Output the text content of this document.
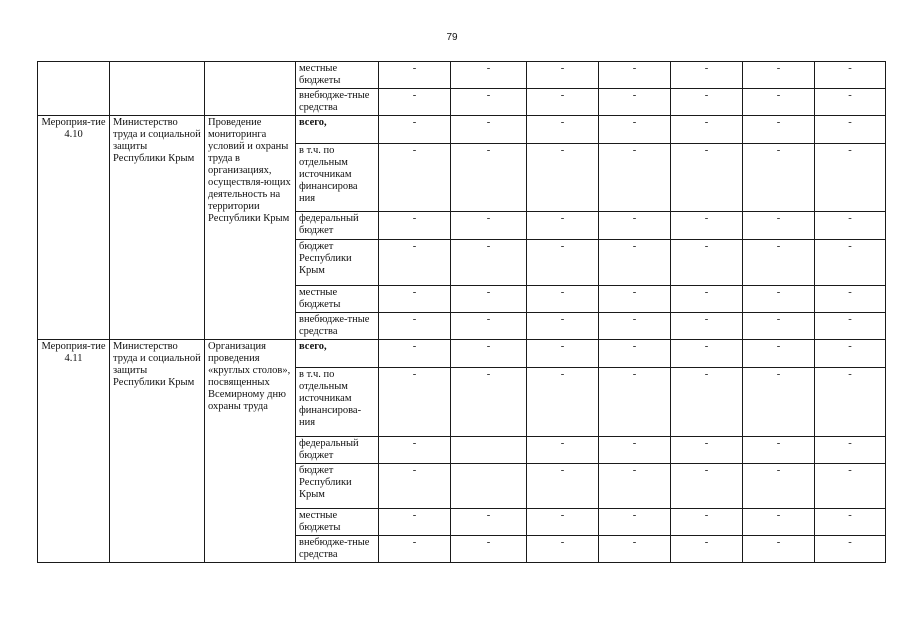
79
			местные бюджеты	-	-	-	-	-	-	-
			внебюдже-тные средства	-	-	-	-	-	-	-
Мероприя-тие 4.10	Министерство труда и социальной защиты Республики Крым	Проведение мониторинга условий и охраны труда в организациях, осуществля-ющих деятельность на территории Республики Крым	всего,	-	-	-	-	-	-	-
			в т.ч. по отдельным источникам финансирова ния	-	-	-	-	-	-	-
			федеральный бюджет	-	-	-	-	-	-	-
			бюджет Республики Крым	-	-	-	-	-	-	-
			местные бюджеты	-	-	-	-	-	-	-
			внебюдже-тные средства	-	-	-	-	-	-	-
Мероприя-тие 4.11	Министерство труда и социальной защиты Республики Крым	Организация проведения «круглых столов», посвященных Всемирному дню охраны труда	всего,	-	-	-	-	-	-	-
			в т.ч. по отдельным источникам финансирова-ния	-	-	-	-	-	-	-
			федеральный бюджет	-		-	-	-	-	-
			бюджет Республики Крым	-		-	-	-	-	-
			местные бюджеты	-	-	-	-	-	-	-
			внебюдже-тные средства	-	-	-	-	-	-	-
